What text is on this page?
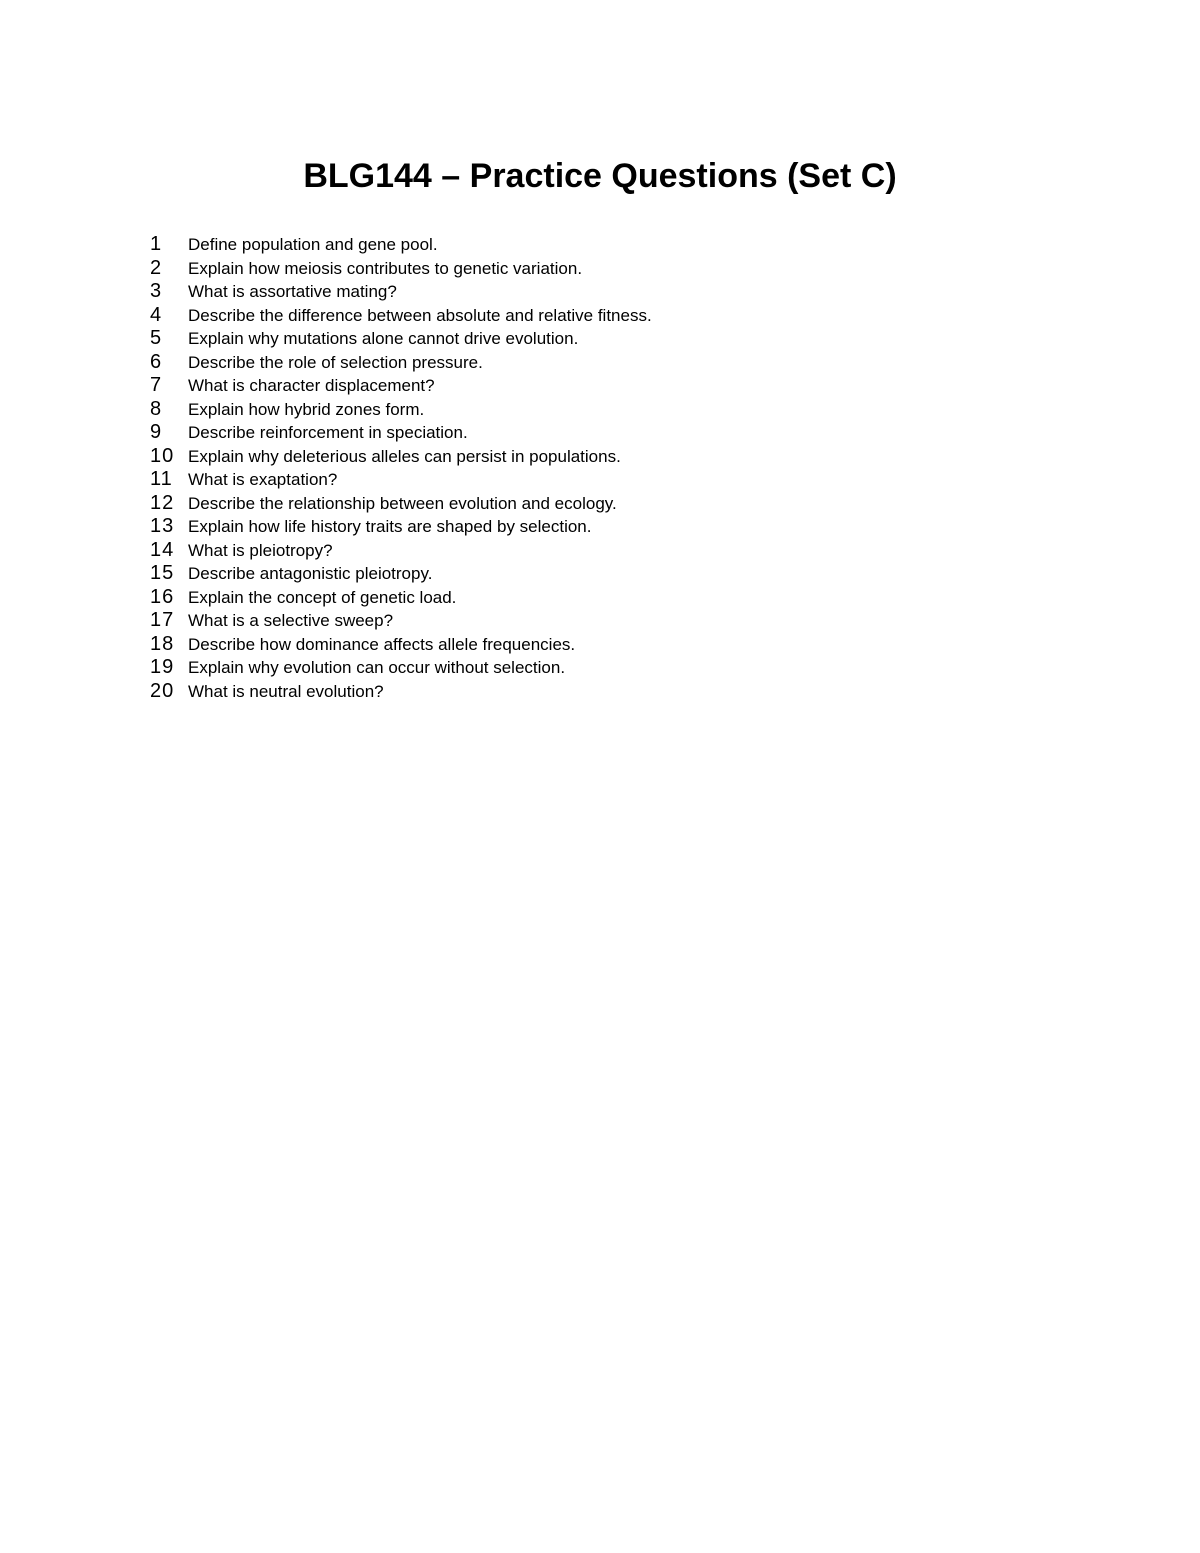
BLG144 – Practice Questions (Set C)
1	Define population and gene pool.
2	Explain how meiosis contributes to genetic variation.
3	What is assortative mating?
4	Describe the difference between absolute and relative fitness.
5	Explain why mutations alone cannot drive evolution.
6	Describe the role of selection pressure.
7	What is character displacement?
8	Explain how hybrid zones form.
9	Describe reinforcement in speciation.
10 Explain why deleterious alleles can persist in populations.
11 What is exaptation?
12 Describe the relationship between evolution and ecology.
13 Explain how life history traits are shaped by selection.
14 What is pleiotropy?
15 Describe antagonistic pleiotropy.
16 Explain the concept of genetic load.
17 What is a selective sweep?
18 Describe how dominance affects allele frequencies.
19 Explain why evolution can occur without selection.
20 What is neutral evolution?
